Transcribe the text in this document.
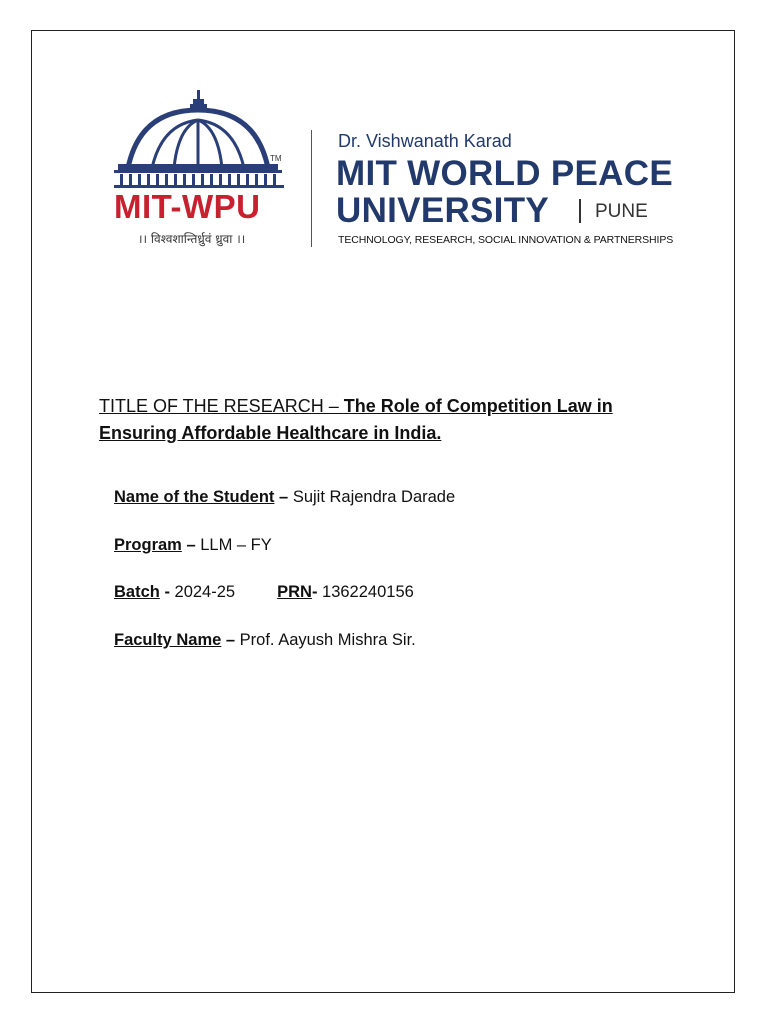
TM
MIT-WPU
।। विश्वशान्तिर्ध्रुवं ध्रुवा ।।
Dr. Vishwanath Karad
MIT WORLD PEACE
UNIVERSITY PUNE
TECHNOLOGY, RESEARCH, SOCIAL INNOVATION & PARTNERSHIPS
TITLE OF THE RESEARCH – The Role of Competition Law in Ensuring Affordable Healthcare in India.
Name of the Student – Sujit Rajendra Darade
Program – LLM – FY
Batch - 2024-25	PRN- 1362240156
Faculty Name – Prof. Aayush Mishra Sir.
